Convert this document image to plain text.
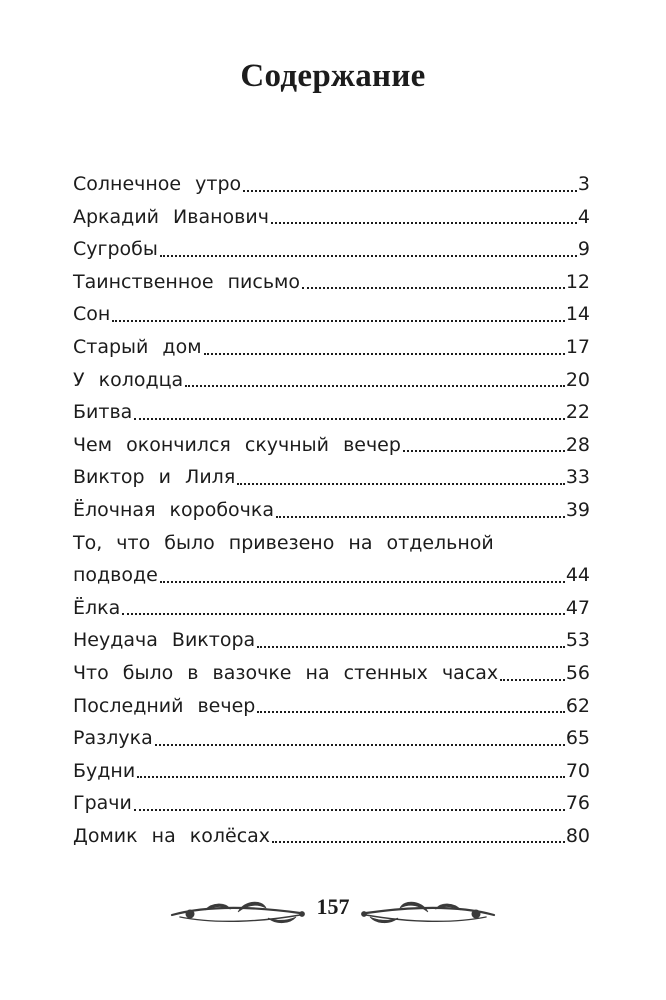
Содержание
Солнечное утро	3
Аркадий Иванович	4
Сугробы	9
Таинственное письмо	12
Сон	14
Старый дом	17
У колодца	20
Битва	22
Чем окончился скучный вечер	28
Виктор и Лиля	33
Ёлочная коробочка	39
То, что было привезено на отдельной
подводе	44
Ёлка	47
Неудача Виктора	53
Что было в вазочке на стенных часах	56
Последний вечер	62
Разлука	65
Будни	70
Грачи	76
Домик на колёсах	80
157
